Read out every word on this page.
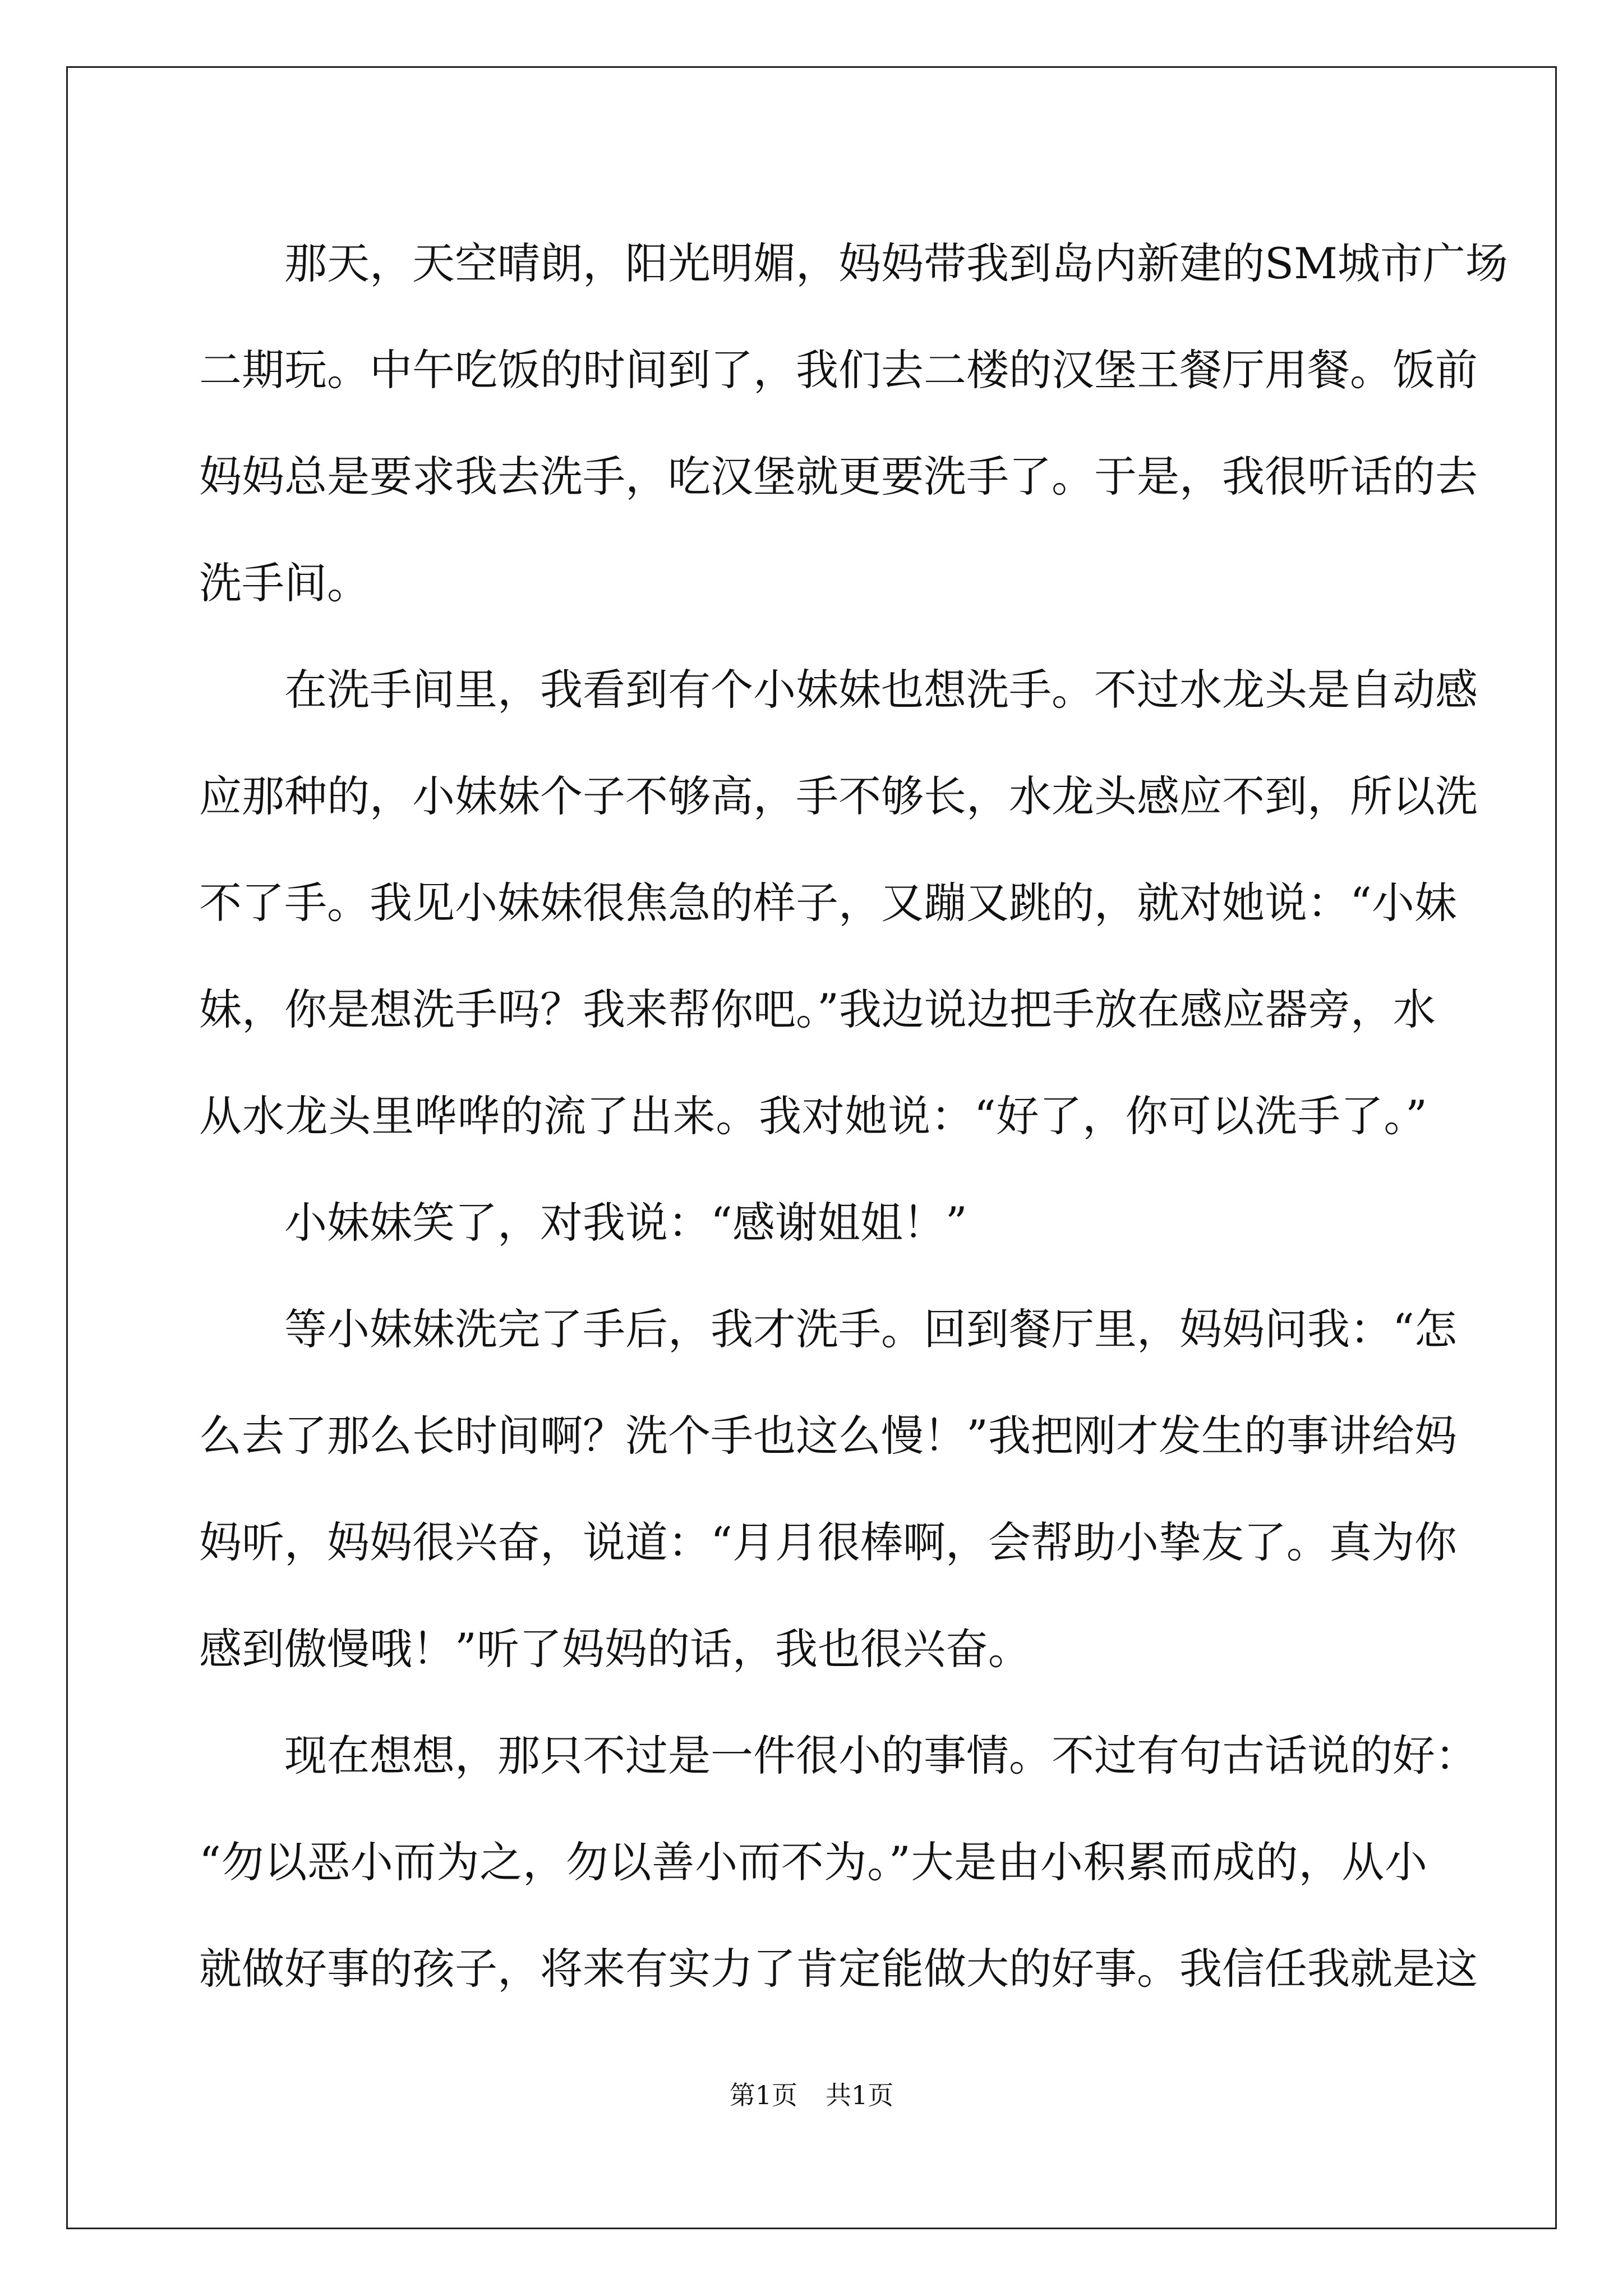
那天，天空晴朗，阳光明媚，妈妈带我到岛内新建的SM城市广场
二期玩。中午吃饭的时间到了，我们去二楼的汉堡王餐厅用餐。饭前
妈妈总是要求我去洗手，吃汉堡就更要洗手了。于是，我很听话的去
洗手间。
在洗手间里，我看到有个小妹妹也想洗手。不过水龙头是自动感
应那种的，小妹妹个子不够高，手不够长，水龙头感应不到，所以洗
不了手。我见小妹妹很焦急的样子，又蹦又跳的，就对她说：“小妹
妹，你是想洗手吗？我来帮你吧。”我边说边把手放在感应器旁，水
从水龙头里哗哗的流了出来。我对她说：“好了，你可以洗手了。”
小妹妹笑了，对我说：“感谢姐姐！”
等小妹妹洗完了手后，我才洗手。回到餐厅里，妈妈问我：“怎
么去了那么长时间啊？洗个手也这么慢！”我把刚才发生的事讲给妈
妈听，妈妈很兴奋，说道：“月月很棒啊，会帮助小挚友了。真为你
感到傲慢哦！”听了妈妈的话，我也很兴奋。
现在想想，那只不过是一件很小的事情。不过有句古话说的好：
“勿以恶小而为之，勿以善小而不为。”大是由小积累而成的，从小
就做好事的孩子，将来有实力了肯定能做大的好事。我信任我就是这
第1页 共1页
